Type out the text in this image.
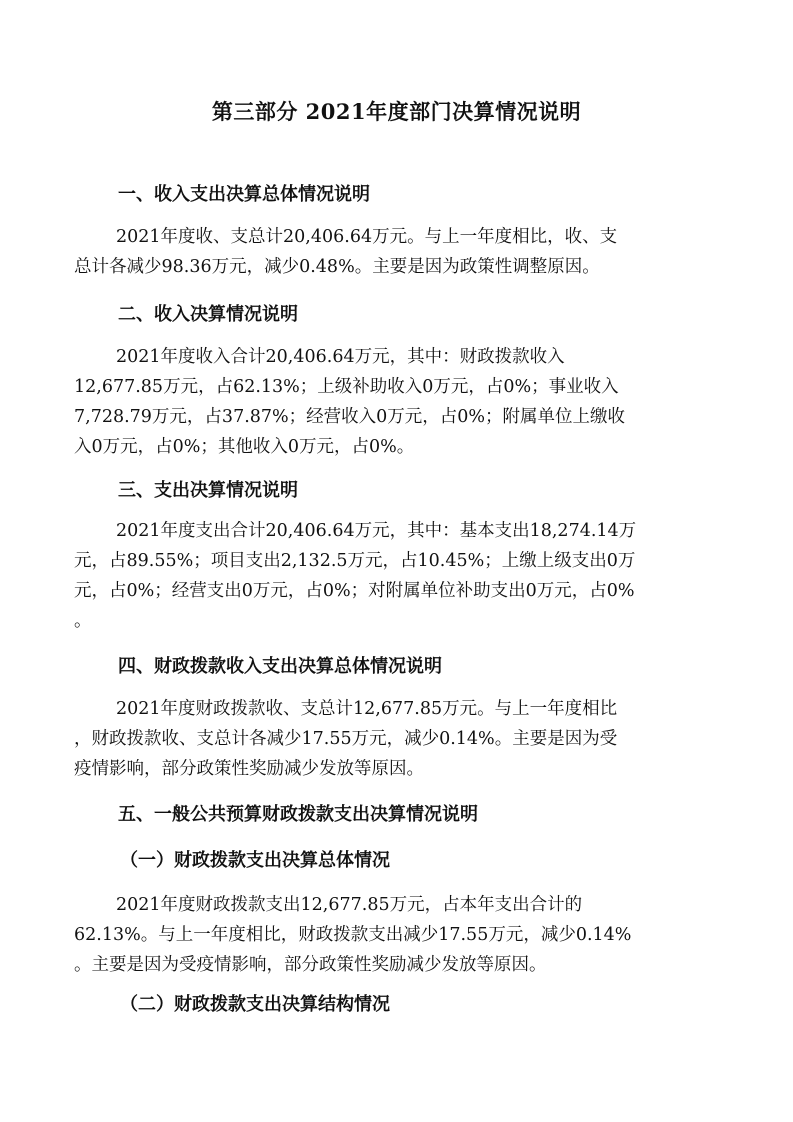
第三部分 2021年度部门决算情况说明
一、收入支出决算总体情况说明
2021年度收、支总计20,406.64万元。与上一年度相比，收、支
总计各减少98.36万元，减少0.48%。主要是因为政策性调整原因。
二、收入决算情况说明
2021年度收入合计20,406.64万元，其中：财政拨款收入
12,677.85万元，占62.13%；上级补助收入0万元，占0%；事业收入
7,728.79万元，占37.87%；经营收入0万元，占0%；附属单位上缴收
入0万元，占0%；其他收入0万元，占0%。
三、支出决算情况说明
2021年度支出合计20,406.64万元，其中：基本支出18,274.14万
元，占89.55%；项目支出2,132.5万元，占10.45%；上缴上级支出0万
元，占0%；经营支出0万元，占0%；对附属单位补助支出0万元，占0%
。
四、财政拨款收入支出决算总体情况说明
2021年度财政拨款收、支总计12,677.85万元。与上一年度相比
，财政拨款收、支总计各减少17.55万元，减少0.14%。主要是因为受
疫情影响，部分政策性奖励减少发放等原因。
五、一般公共预算财政拨款支出决算情况说明
（一）财政拨款支出决算总体情况
2021年度财政拨款支出12,677.85万元，占本年支出合计的
62.13%。与上一年度相比，财政拨款支出减少17.55万元，减少0.14%
。主要是因为受疫情影响，部分政策性奖励减少发放等原因。
（二）财政拨款支出决算结构情况
